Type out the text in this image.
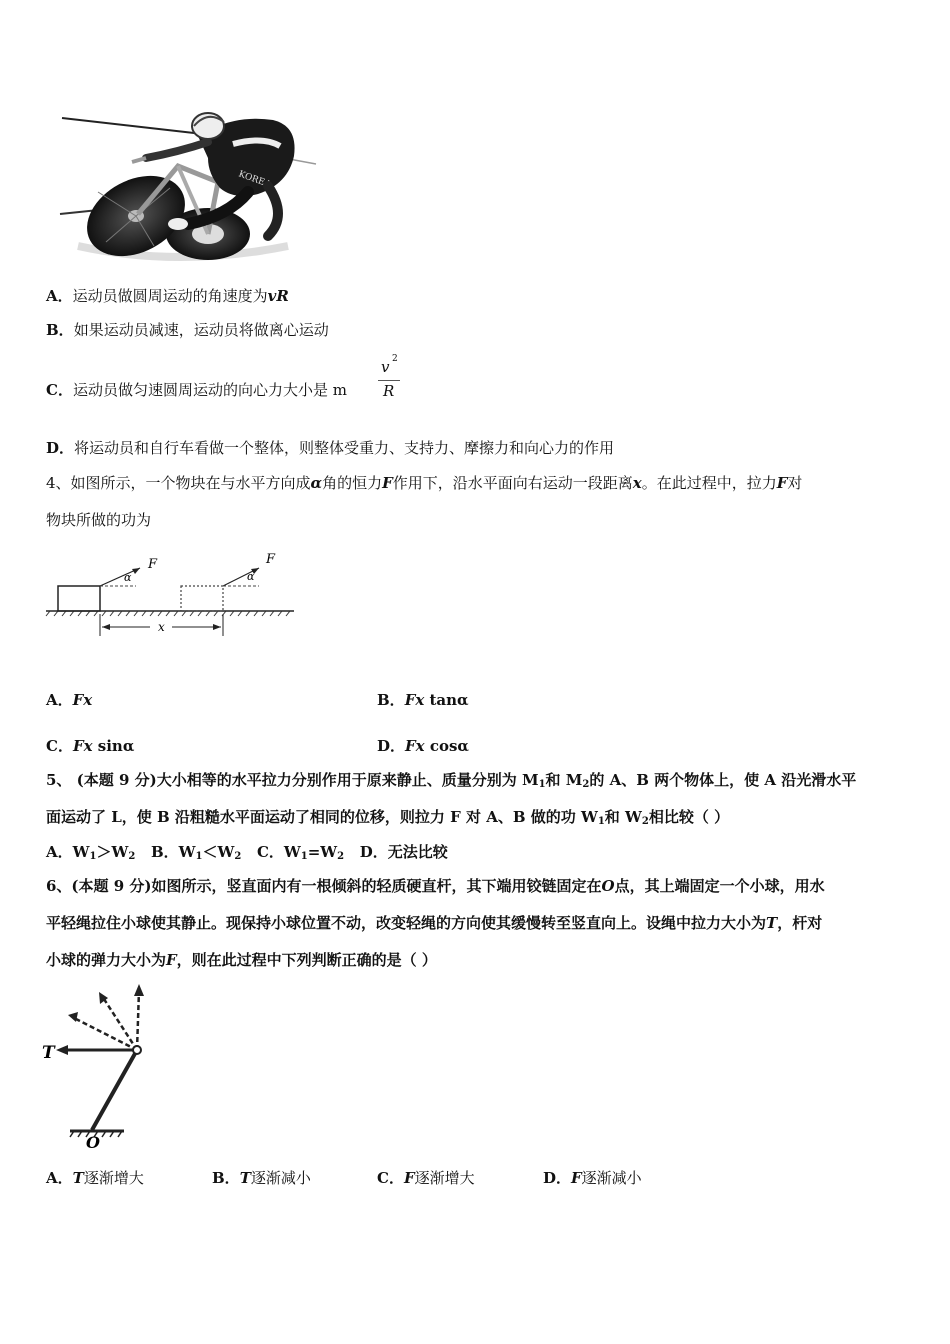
KOREA
A．运动员做圆周运动的角速度为vR
B．如果运动员减速，运动员将做离心运动
C．运动员做匀速圆周运动的向心力大小是 m
v 2
R
D．将运动员和自行车看做一个整体，则整体受重力、支持力、摩擦力和向心力的作用
4、如图所示，一个物块在与水平方向成α角的恒力F作用下，沿水平面向右运动一段距离x。在此过程中，拉力F对
物块所做的功为
F
α
F
α
x
A．Fx	B．Fx tanα
C．Fx sinα	D．Fx cosα
5、 (本题 9 分)大小相等的水平拉力分别作用于原来静止、质量分别为 $M_1$和 $M_2$的 A、B 两个物体上，使 A 沿光滑水平
面运动了 L，使 B 沿粗糙水平面运动了相同的位移，则拉力 F 对 A、B 做的功 $W_1$和 $W_2$相比较（ ）
A．$W_1>W_2$ B．$W_1<W_2$ C．$W_1=W_2$ D．无法比较
6、(本题 9 分)如图所示，竖直面内有一根倾斜的轻质硬直杆，其下端用铰链固定在O点，其上端固定一个小球，用水
平轻绳拉住小球使其静止。现保持小球位置不动，改变轻绳的方向使其缓慢转至竖直向上。设绳中拉力大小为T，杆对
小球的弹力大小为F，则在此过程中下列判断正确的是（ ）
T
O
A．T逐渐增大	B．T逐渐减小	C．F逐渐增大	D．F逐渐减小
